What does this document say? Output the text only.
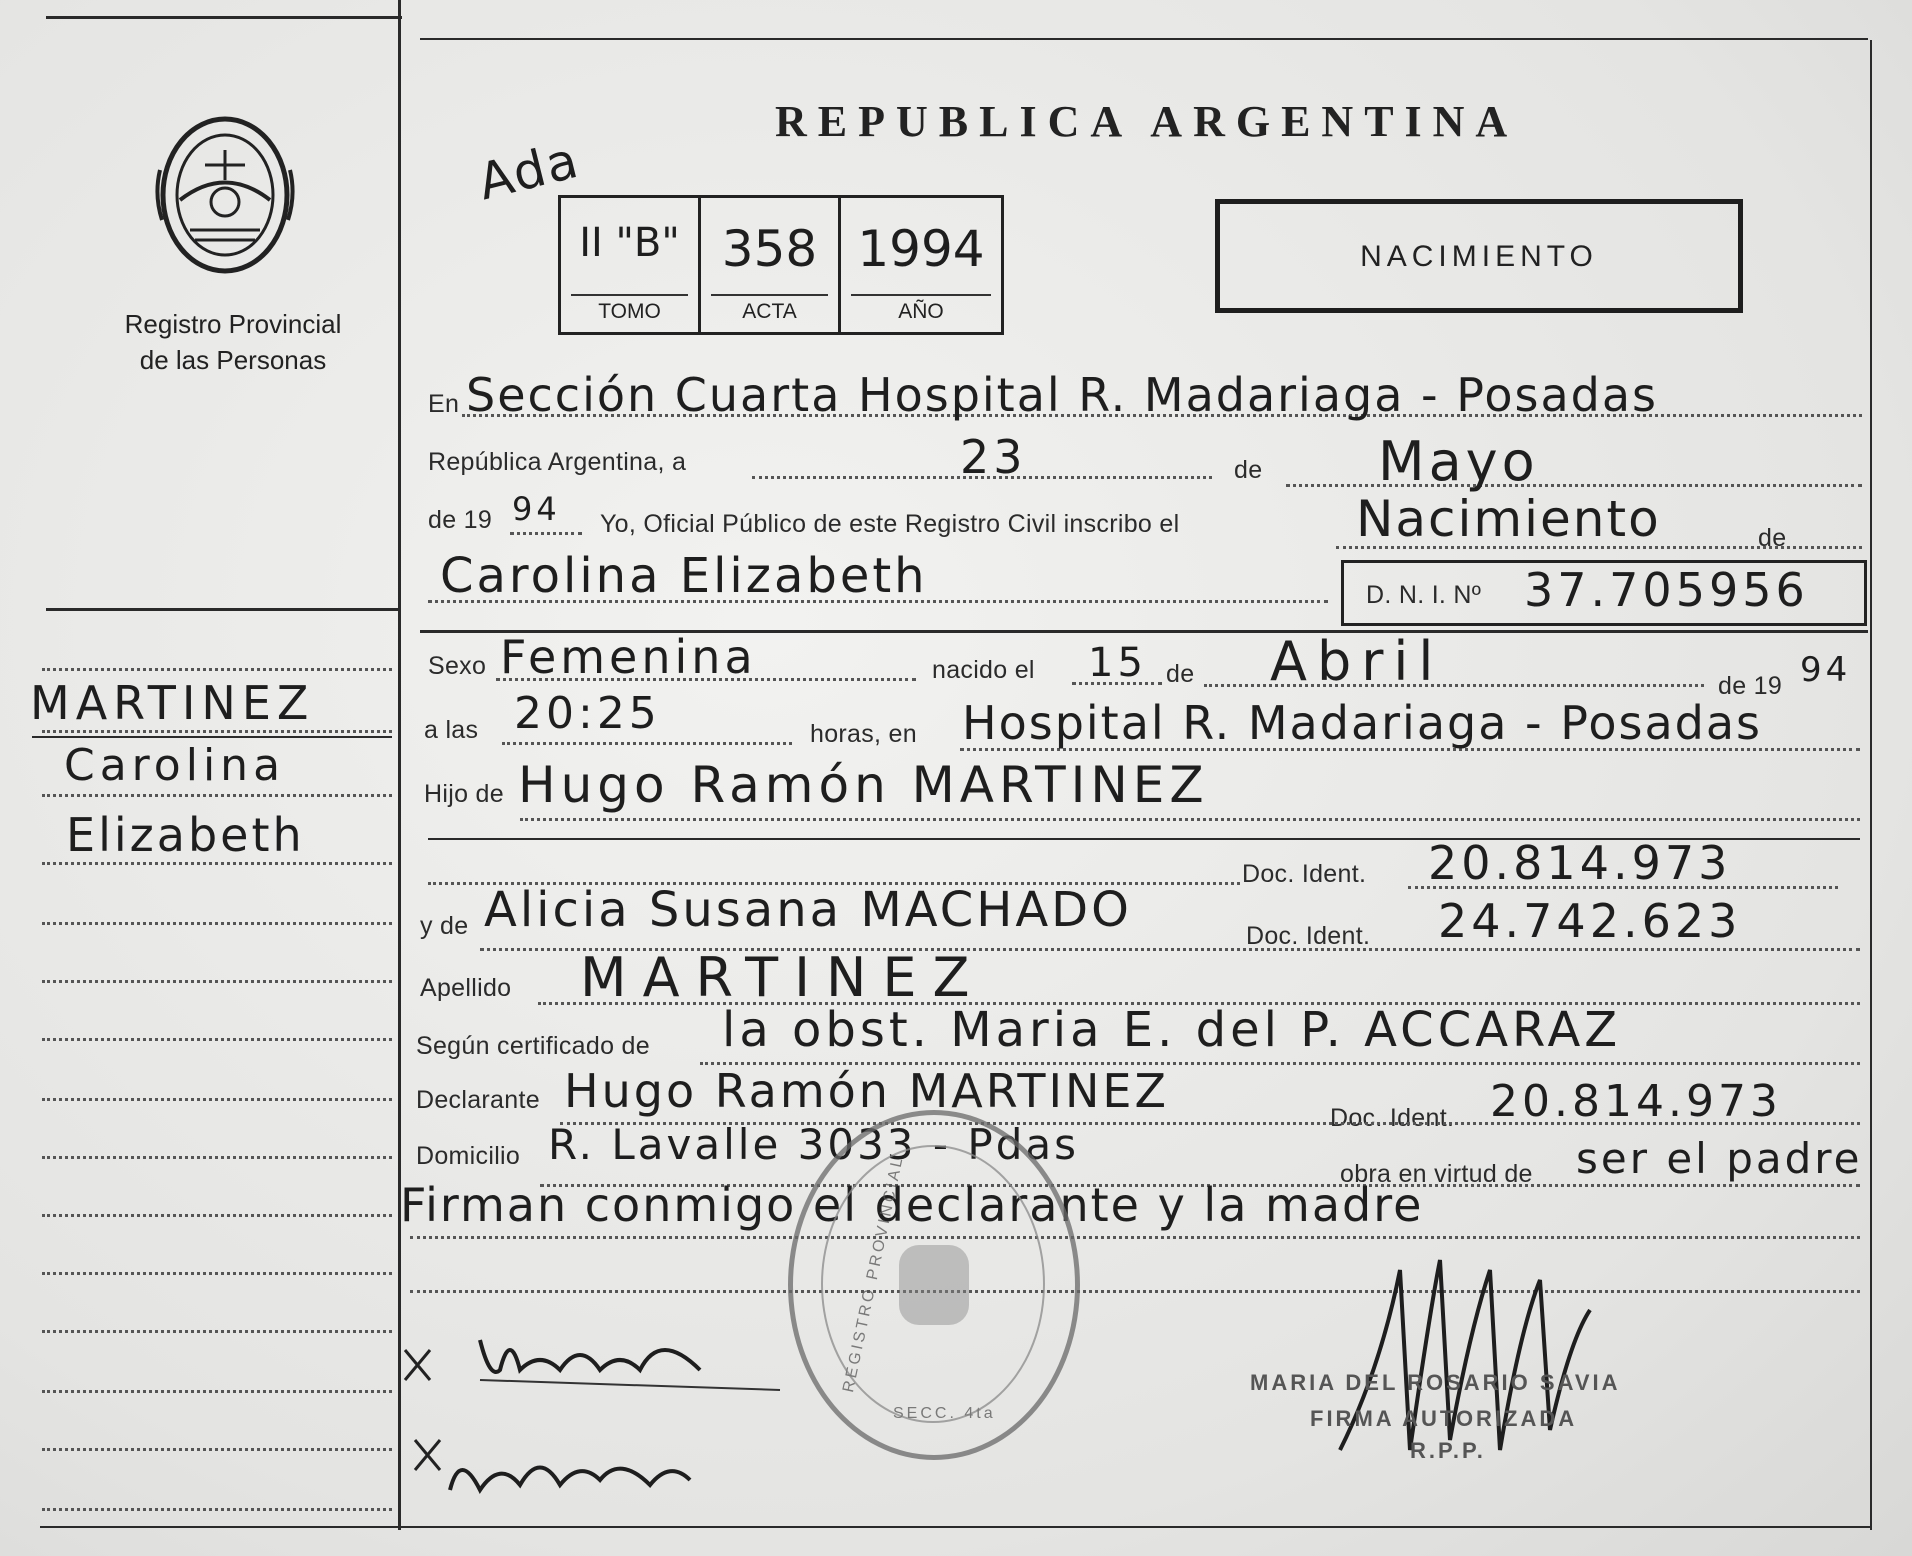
Registro Provincial
de las Personas
REPUBLICA ARGENTINA
Ada
II "B"
TOMO
358
ACTA
1994
AÑO
NACIMIENTO
En Sección Cuarta Hospital R. Madariaga - Posadas
República Argentina, a	23	de Mayo
de 19 94 Yo, Oficial Público de este Registro Civil inscribo el	Nacimiento	de
Carolina Elizabeth	D. N. I. Nº 37.705956
Sexo Femenina	nacido el 15 de Abril	de 19 94
a las 20:25	horas, en Hospital R. Madariaga - Posadas
Hijo de Hugo Ramón MARTINEZ
Doc. Ident. 20.814.973
y de Alicia Susana MACHADO	Doc. Ident. 24.742.623
Apellido MARTINEZ
Según certificado de la obst. Maria E. del P. ACCARAZ
Declarante Hugo Ramón MARTINEZ	Doc. Ident. 20.814.973
Domicilio R. Lavalle 3033 - Pdas
obra en virtud de ser el padre
Firman conmigo el declarante y la madre
MARTINEZ
Carolina
Elizabeth
REGISTRO PROVINCIAL
SECC. 4ta
MARIA DEL ROSARIO SAVIA
FIRMA AUTORIZADA
R.P.P.
